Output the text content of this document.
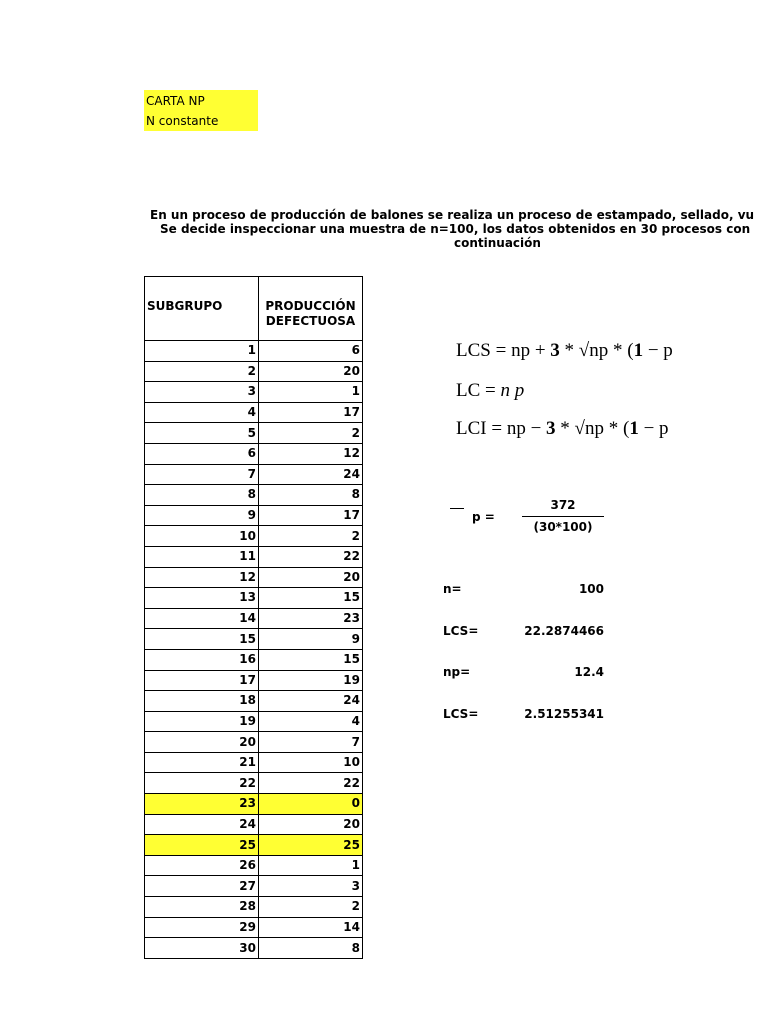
CARTA NP
N constante
En un proceso de producción de balones se realiza un proceso de estampado, sellado, vu
Se decide inspeccionar una muestra de n=100, los datos obtenidos en 30 procesos con
continuación
SUBGRUPO	PRODUCCIÓN
DEFECTUOSA
1	6
2	20
3	1
4	17
5	2
6	12
7	24
8	8
9	17
10	2
11	22
12	20
13	15
14	23
15	9
16	15
17	19
18	24
19	4
20	7
21	10
22	22
23	0
24	20
25	25
26	1
27	3
28	2
29	14
30	8
LCS = $n\overline{p} + 3 * √n\overline{p} * (1 - \overline{p}$
LC = n $\overline{p}$
LCI = $n\overline{p} - 3 * √n\overline{p} * (1 - \overline{p}$
p =
372
(30*100)
n=	100
LCS=	22.2874466
np=	12.4
LCS=	2.51255341
